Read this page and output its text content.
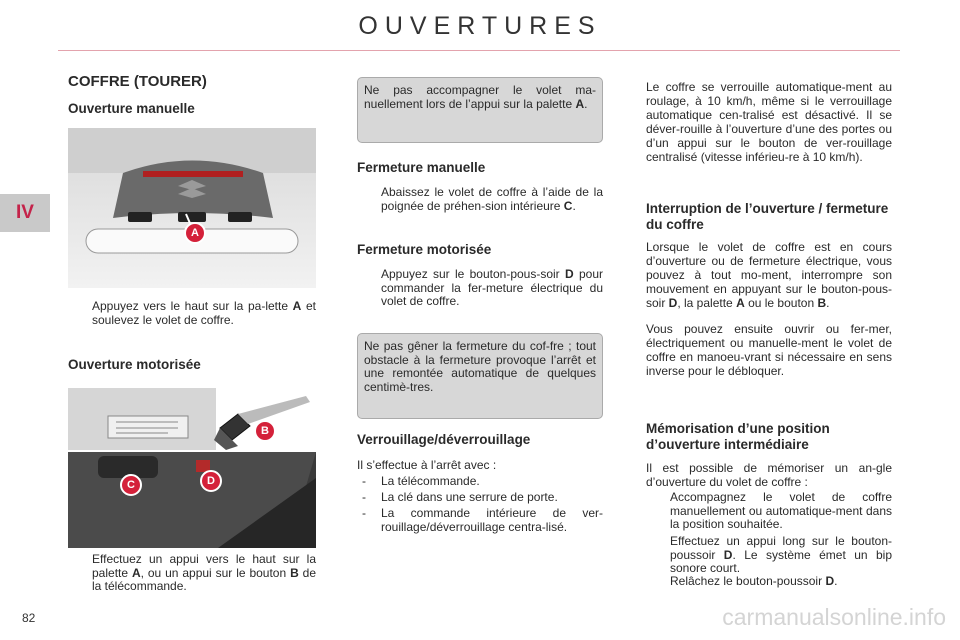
OUVERTURES
IV
COFFRE (TOURER)
Ouverture manuelle
A
Appuyez vers le haut sur la pa-lette A et soulevez le volet de coffre.
Ouverture motorisée
B
C	D
Effectuez un appui vers le haut sur la palette A, ou un appui sur le bouton B de la télécommande.
Ne pas accompagner le volet ma-nuellement lors de l’appui sur la palette A.
Fermeture manuelle
Abaissez le volet de coffre à l’aide de la poignée de préhen-sion intérieure C.
Fermeture motorisée
Appuyez sur le bouton-pous-soir D pour commander la fer-meture électrique du volet de coffre.
Ne pas gêner la fermeture du cof-fre ; tout obstacle à la fermeture provoque l’arrêt et une remontée automatique de quelques centimè-tres.
Verrouillage/déverrouillage
Il s’effectue à l’arrêt avec :
- La télécommande.
- La clé dans une serrure de porte.
- La commande intérieure de ver-rouillage/déverrouillage centra-lisé.
Le coffre se verrouille automatique-ment au roulage, à 10 km/h, même si le verrouillage automatique cen-tralisé est désactivé. Il se déver-rouille à l’ouverture d’une des portes ou d’un appui sur le bouton de ver-rouillage centralisé (vitesse inférieu-re à 10 km/h).
Interruption de l’ouverture / fermeture du coffre
Lorsque le volet de coffre est en cours d’ouverture ou de fermeture électrique, vous pouvez à tout mo-ment, interrompre son mouvement en appuyant sur le bouton-pous-soir D, la palette A ou le bouton B.
Vous pouvez ensuite ouvrir ou fer-mer, électriquement ou manuelle-ment le volet de coffre en manoeu-vrant si nécessaire en sens inverse pour le débloquer.
Mémorisation d’une position d’ouverture intermédiaire
Il est possible de mémoriser un an-gle d’ouverture du volet de coffre :
Accompagnez le volet de coffre manuellement ou automatique-ment dans la position souhaitée.
Effectuez un appui long sur le bouton-poussoir D. Le système émet un bip sonore court.
Relâchez le bouton-poussoir D.
82	carmanualsonline.info
